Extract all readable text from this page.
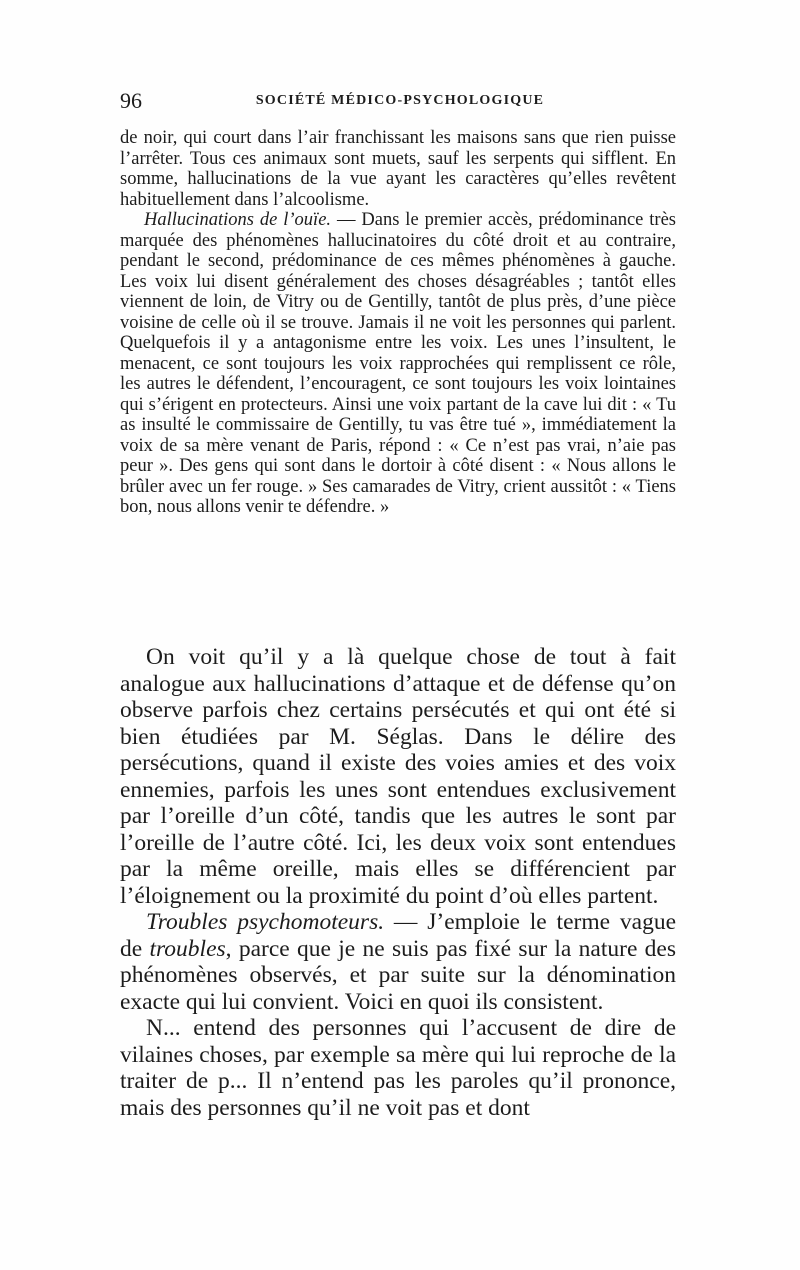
96	SOCIÉTÉ MÉDICO-PSYCHOLOGIQUE

de noir, qui court dans l’air franchissant les maisons sans que rien puisse l’arrêter. Tous ces animaux sont muets, sauf les serpents qui sifflent. En somme, hallucinations de la vue ayant les caractères qu’elles revêtent habituellement dans l’alcoolisme.

Hallucinations de l’ouïe. — Dans le premier accès, prédominance très marquée des phénomènes hallucinatoires du côté droit et au contraire, pendant le second, prédominance de ces mêmes phénomènes à gauche. Les voix lui disent généralement des choses désagréables ; tantôt elles viennent de loin, de Vitry ou de Gentilly, tantôt de plus près, d’une pièce voisine de celle où il se trouve. Jamais il ne voit les personnes qui parlent. Quelquefois il y a antagonisme entre les voix. Les unes l’insultent, le menacent, ce sont toujours les voix rapprochées qui remplissent ce rôle, les autres le défendent, l’encouragent, ce sont toujours les voix lointaines qui s’érigent en protecteurs. Ainsi une voix partant de la cave lui dit : « Tu as insulté le commissaire de Gentilly, tu vas être tué », immédiatement la voix de sa mère venant de Paris, répond : « Ce n’est pas vrai, n’aie pas peur ». Des gens qui sont dans le dortoir à côté disent : « Nous allons le brûler avec un fer rouge. » Ses camarades de Vitry, crient aussitôt : « Tiens bon, nous allons venir te défendre. »

On voit qu’il y a là quelque chose de tout à fait analogue aux hallucinations d’attaque et de défense qu’on observe parfois chez certains persécutés et qui ont été si bien étudiées par M. Séglas. Dans le délire des persécutions, quand il existe des voies amies et des voix ennemies, parfois les unes sont entendues exclusivement par l’oreille d’un côté, tandis que les autres le sont par l’oreille de l’autre côté. Ici, les deux voix sont entendues par la même oreille, mais elles se différencient par l’éloignement ou la proximité du point d’où elles partent.

Troubles psychomoteurs. — J’emploie le terme vague de troubles, parce que je ne suis pas fixé sur la nature des phénomènes observés, et par suite sur la dénomination exacte qui lui convient. Voici en quoi ils consistent.

N... entend des personnes qui l’accusent de dire de vilaines choses, par exemple sa mère qui lui reproche de la traiter de p... Il n’entend pas les paroles qu’il prononce, mais des personnes qu’il ne voit pas et dont
